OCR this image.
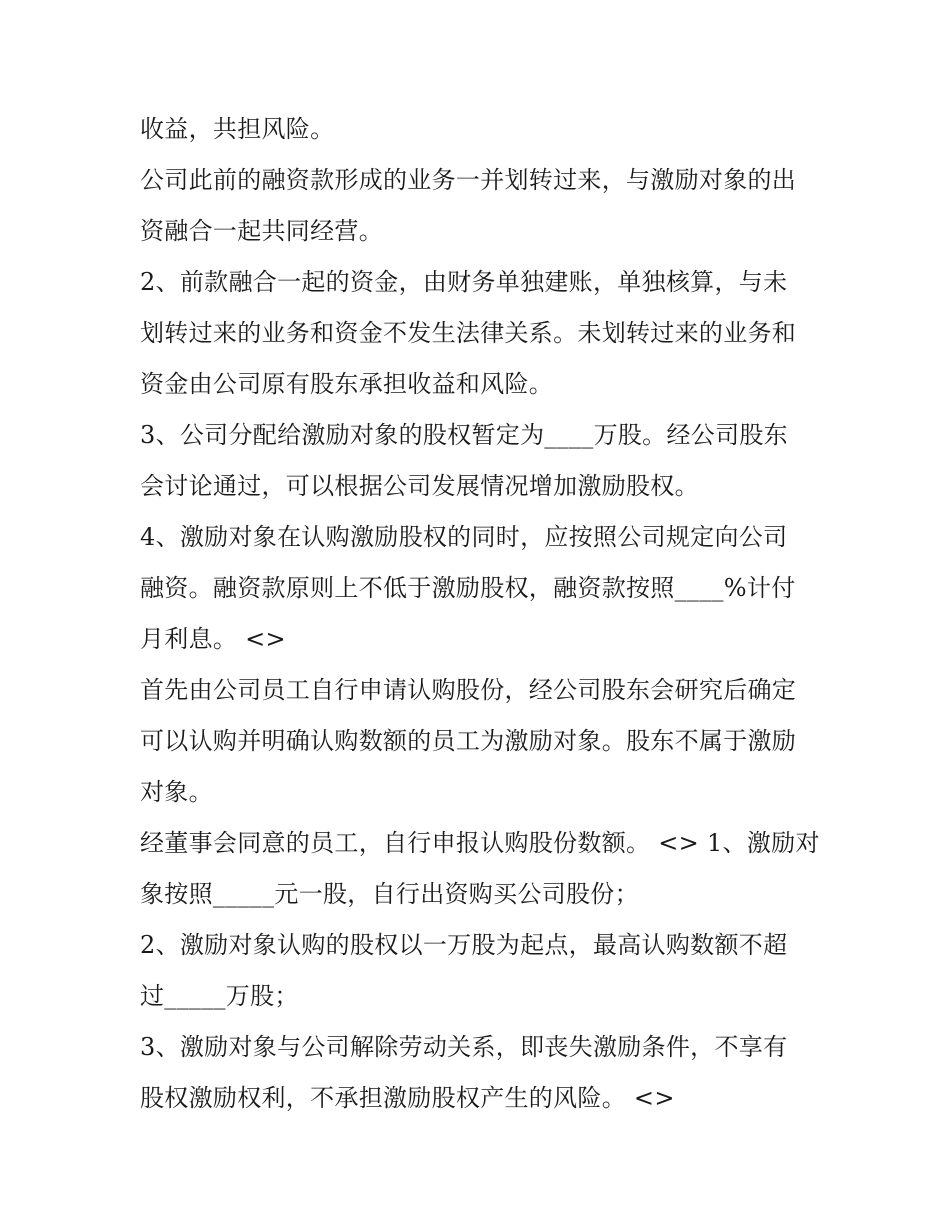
收益，共担风险。
公司此前的融资款形成的业务一并划转过来，与激励对象的出
资融合一起共同经营。
2、前款融合一起的资金，由财务单独建账，单独核算，与未
划转过来的业务和资金不发生法律关系。未划转过来的业务和
资金由公司原有股东承担收益和风险。
3、公司分配给激励对象的股权暂定为____万股。经公司股东
会讨论通过，可以根据公司发展情况增加激励股权。
4、激励对象在认购激励股权的同时，应按照公司规定向公司
融资。融资款原则上不低于激励股权，融资款按照____%计付
月利息。 <>
首先由公司员工自行申请认购股份，经公司股东会研究后确定
可以认购并明确认购数额的员工为激励对象。股东不属于激励
对象。
经董事会同意的员工，自行申报认购股份数额。 <> 1、激励对
象按照_____元一股，自行出资购买公司股份；
2、激励对象认购的股权以一万股为起点，最高认购数额不超
过_____万股；
3、激励对象与公司解除劳动关系，即丧失激励条件，不享有
股权激励权利，不承担激励股权产生的风险。 <>
